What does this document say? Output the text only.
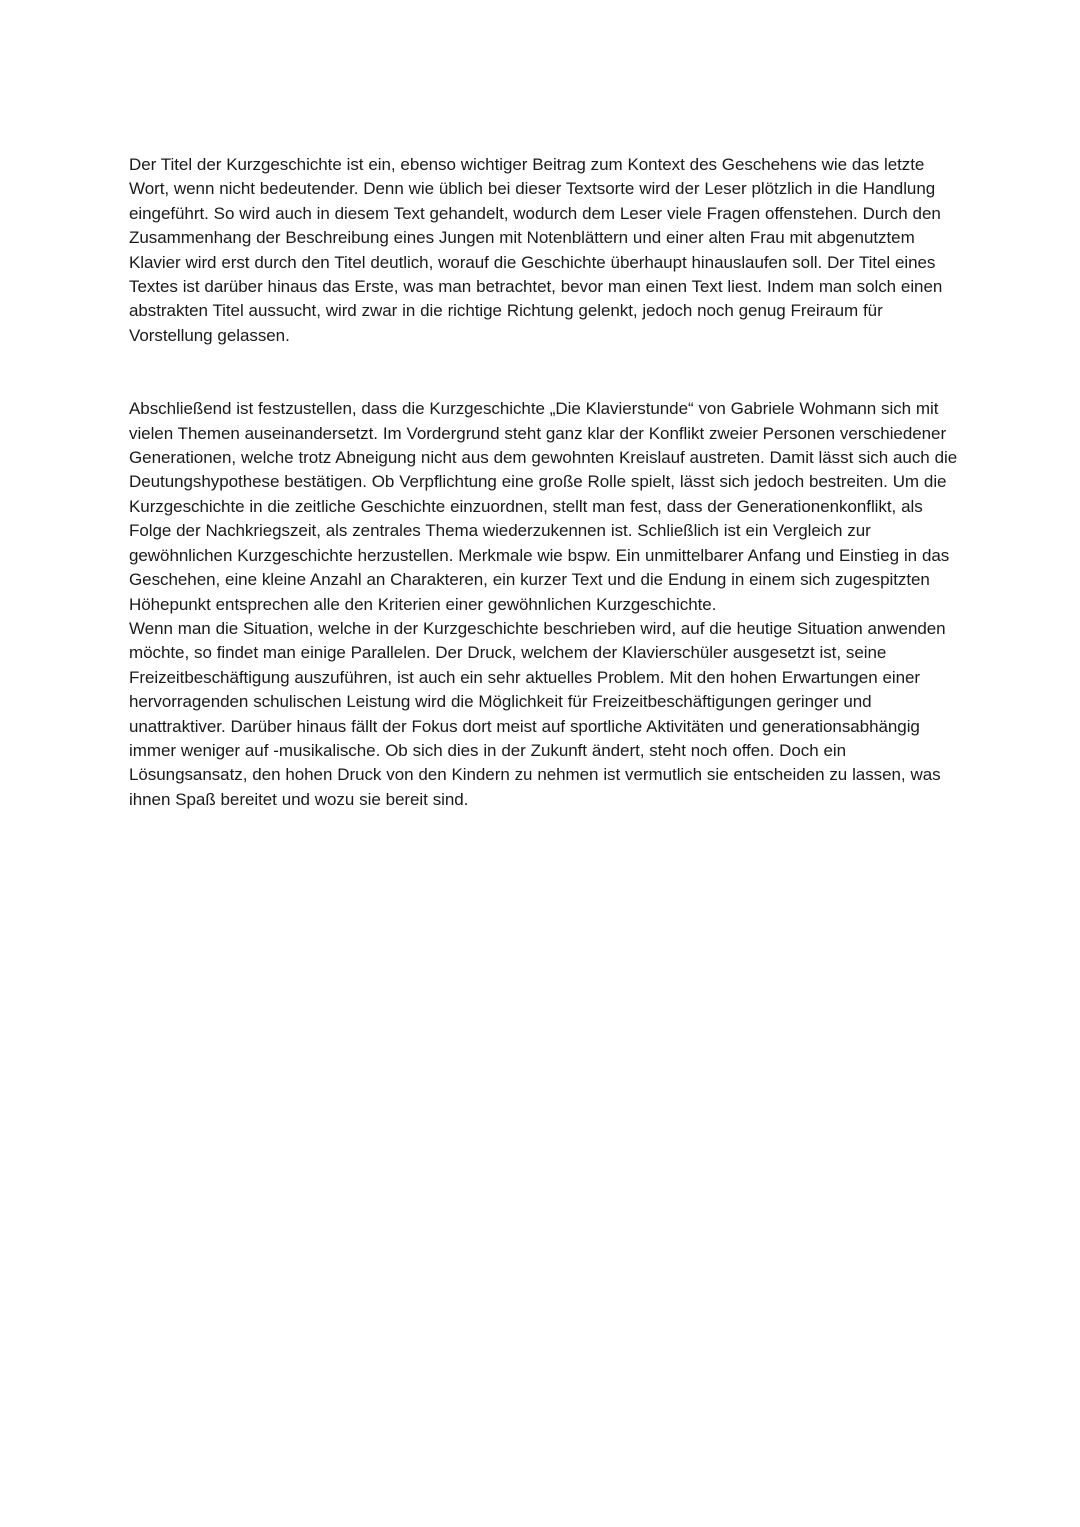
Der Titel der Kurzgeschichte ist ein, ebenso wichtiger Beitrag zum Kontext des Geschehens wie das letzte Wort, wenn nicht bedeutender. Denn wie üblich bei dieser Textsorte wird der Leser plötzlich in die Handlung eingeführt. So wird auch in diesem Text gehandelt, wodurch dem Leser viele Fragen offenstehen. Durch den Zusammenhang der Beschreibung eines Jungen mit Notenblättern und einer alten Frau mit abgenutztem Klavier wird erst durch den Titel deutlich, worauf die Geschichte überhaupt hinauslaufen soll. Der Titel eines Textes ist darüber hinaus das Erste, was man betrachtet, bevor man einen Text liest. Indem man solch einen abstrakten Titel aussucht, wird zwar in die richtige Richtung gelenkt, jedoch noch genug Freiraum für Vorstellung gelassen.

Abschließend ist festzustellen, dass die Kurzgeschichte „Die Klavierstunde“ von Gabriele Wohmann sich mit vielen Themen auseinandersetzt. Im Vordergrund steht ganz klar der Konflikt zweier Personen verschiedener Generationen, welche trotz Abneigung nicht aus dem gewohnten Kreislauf austreten. Damit lässt sich auch die Deutungshypothese bestätigen. Ob Verpflichtung eine große Rolle spielt, lässt sich jedoch bestreiten. Um die Kurzgeschichte in die zeitliche Geschichte einzuordnen, stellt man fest, dass der Generationenkonflikt, als Folge der Nachkriegszeit, als zentrales Thema wiederzukennen ist. Schließlich ist ein Vergleich zur gewöhnlichen Kurzgeschichte herzustellen. Merkmale wie bspw. Ein unmittelbarer Anfang und Einstieg in das Geschehen, eine kleine Anzahl an Charakteren, ein kurzer Text und die Endung in einem sich zugespitzten Höhepunkt entsprechen alle den Kriterien einer gewöhnlichen Kurzgeschichte.

Wenn man die Situation, welche in der Kurzgeschichte beschrieben wird, auf die heutige Situation anwenden möchte, so findet man einige Parallelen. Der Druck, welchem der Klavierschüler ausgesetzt ist, seine Freizeitbeschäftigung auszuführen, ist auch ein sehr aktuelles Problem. Mit den hohen Erwartungen einer hervorragenden schulischen Leistung wird die Möglichkeit für Freizeitbeschäftigungen geringer und unattraktiver. Darüber hinaus fällt der Fokus dort meist auf sportliche Aktivitäten und generationsabhängig immer weniger auf -musikalische. Ob sich dies in der Zukunft ändert, steht noch offen. Doch ein Lösungsansatz, den hohen Druck von den Kindern zu nehmen ist vermutlich sie entscheiden zu lassen, was ihnen Spaß bereitet und wozu sie bereit sind.
